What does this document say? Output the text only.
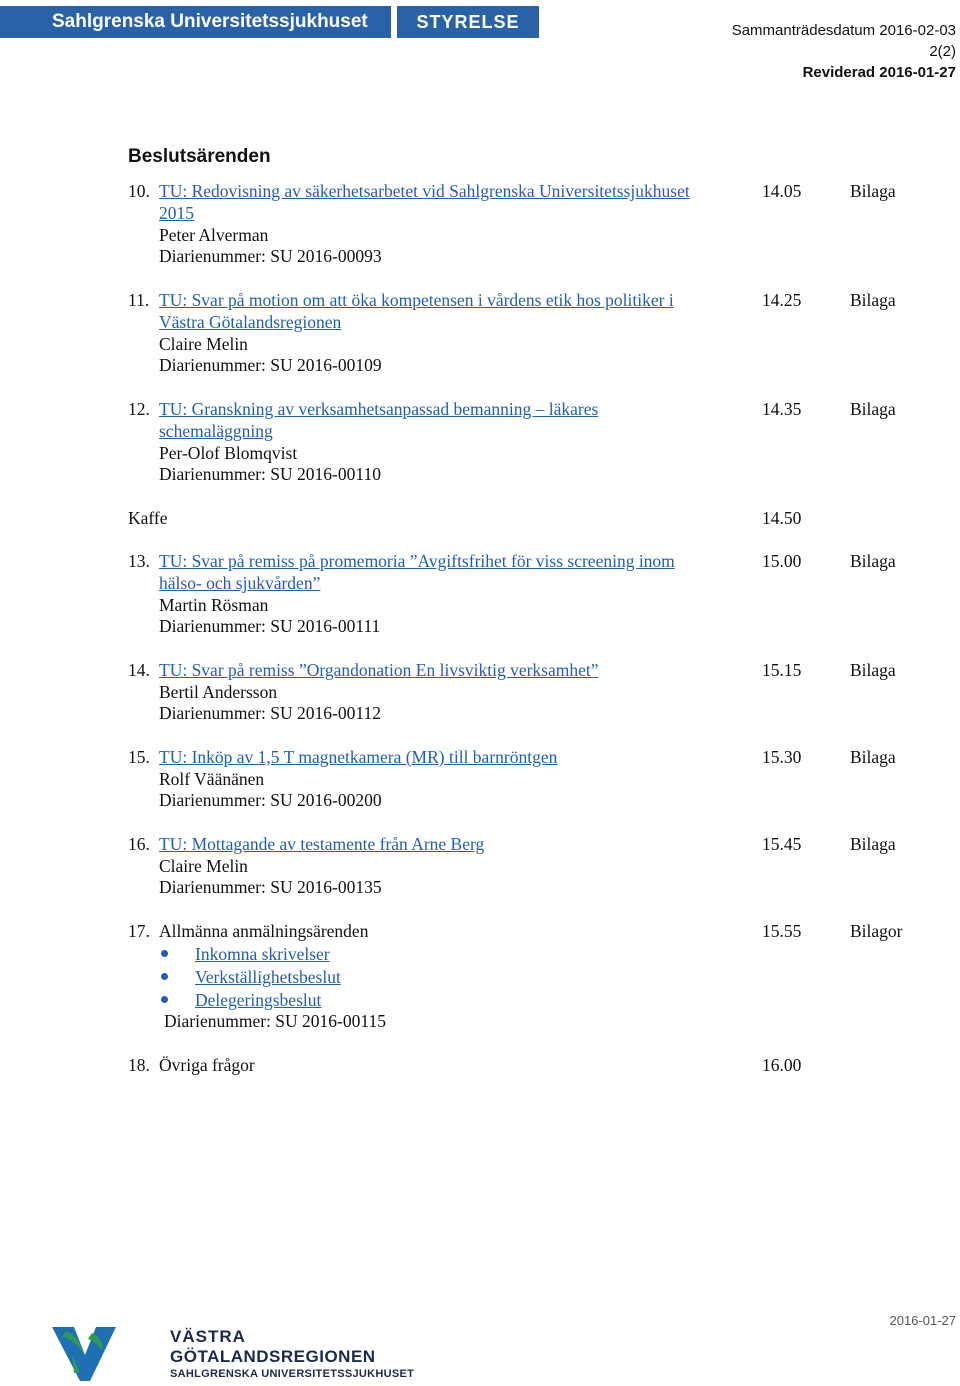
Sahlgrenska Universitetssjukhuset	STYRELSE	Sammanträdesdatum 2016-02-03
2(2)
Reviderad 2016-01-27
Beslutsärenden
10. TU: Redovisning av säkerhetsarbetet vid Sahlgrenska Universitetssjukhuset
2015
Peter Alverman
Diarienummer: SU 2016-00093
14.05	Bilaga
11. TU: Svar på motion om att öka kompetensen i vårdens etik hos politiker i
Västra Götalandsregionen
Claire Melin
Diarienummer: SU 2016-00109
14.25	Bilaga
12. TU: Granskning av verksamhetsanpassad bemanning – läkares
schemaläggning
Per-Olof Blomqvist
Diarienummer: SU 2016-00110
14.35	Bilaga
Kaffe	14.50
13. TU: Svar på remiss på promemoria ”Avgiftsfrihet för viss screening inom
hälso- och sjukvården”
Martin Rösman
Diarienummer: SU 2016-00111
15.00	Bilaga
14. TU: Svar på remiss ”Organdonation En livsviktig verksamhet”
Bertil Andersson
Diarienummer: SU 2016-00112
15.15	Bilaga
15. TU: Inköp av 1,5 T magnetkamera (MR) till barnröntgen
Rolf Väänänen
Diarienummer: SU 2016-00200
15.30	Bilaga
16. TU: Mottagande av testamente från Arne Berg
Claire Melin
Diarienummer: SU 2016-00135
15.45	Bilaga
17. Allmänna anmälningsärenden	15.55	Bilagor
Inkomna skrivelser
Verkställighetsbeslut
Delegeringsbeslut
Diarienummer: SU 2016-00115
18. Övriga frågor	16.00
2016-01-27
VÄSTRA
GÖTALANDSREGIONEN
SAHLGRENSKA UNIVERSITETSSJUKHUSET
